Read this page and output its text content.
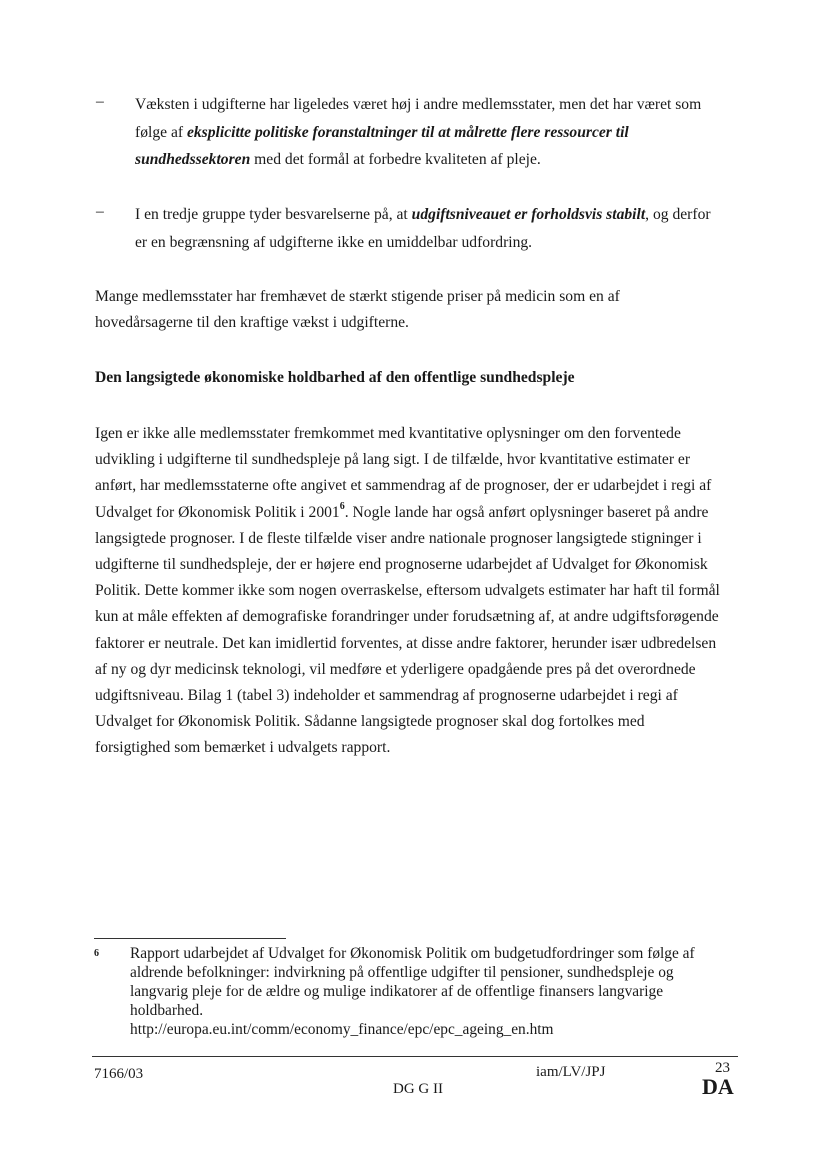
– Væksten i udgifterne har ligeledes været høj i andre medlemsstater, men det har været som
følge af eksplicitte politiske foranstaltninger til at målrette flere ressourcer til
sundhedssektoren med det formål at forbedre kvaliteten af pleje.
– I en tredje gruppe tyder besvarelserne på, at udgiftsniveauet er forholdsvis stabilt, og derfor
er en begrænsning af udgifterne ikke en umiddelbar udfordring.
Mange medlemsstater har fremhævet de stærkt stigende priser på medicin som en af
hovedårsagerne til den kraftige vækst i udgifterne.
Den langsigtede økonomiske holdbarhed af den offentlige sundhedspleje
Igen er ikke alle medlemsstater fremkommet med kvantitative oplysninger om den forventede
udvikling i udgifterne til sundhedspleje på lang sigt. I de tilfælde, hvor kvantitative estimater er
anført, har medlemsstaterne ofte angivet et sammendrag af de prognoser, der er udarbejdet i regi af
Udvalget for Økonomisk Politik i 2001$^6$. Nogle lande har også anført oplysninger baseret på andre
langsigtede prognoser. I de fleste tilfælde viser andre nationale prognoser langsigtede stigninger i
udgifterne til sundhedspleje, der er højere end prognoserne udarbejdet af Udvalget for Økonomisk
Politik. Dette kommer ikke som nogen overraskelse, eftersom udvalgets estimater har haft til formål
kun at måle effekten af demografiske forandringer under forudsætning af, at andre udgiftsforøgende
faktorer er neutrale. Det kan imidlertid forventes, at disse andre faktorer, herunder især udbredelsen
af ny og dyr medicinsk teknologi, vil medføre et yderligere opadgående pres på det overordnede
udgiftsniveau. Bilag 1 (tabel 3) indeholder et sammendrag af prognoserne udarbejdet i regi af
Udvalget for Økonomisk Politik. Sådanne langsigtede prognoser skal dog fortolkes med
forsigtighed som bemærket i udvalgets rapport.
6 Rapport udarbejdet af Udvalget for Økonomisk Politik om budgetudfordringer som følge af
aldrende befolkninger: indvirkning på offentlige udgifter til pensioner, sundhedspleje og
langvarig pleje for de ældre og mulige indikatorer af de offentlige finansers langvarige
holdbarhed.
http://europa.eu.int/comm/economy_finance/epc/epc_ageing_en.htm
7166/03	iam/LV/JPJ	23
DG G II	DA
